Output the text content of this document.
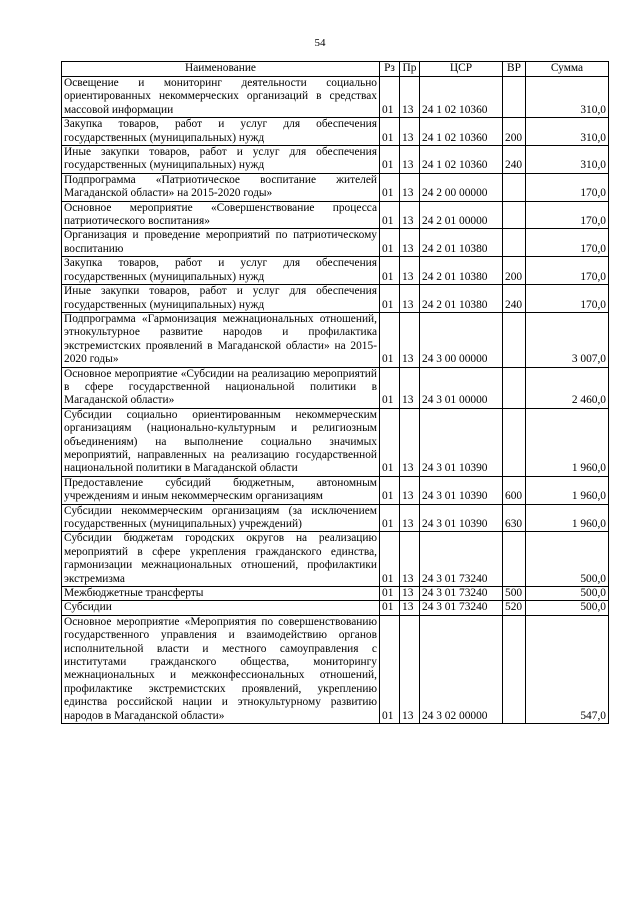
54
Наименование	Рз	Пр	ЦСР	ВР	Сумма
Освещение и мониторинг деятельности социально ориентированных некоммерческих организаций в средствах массовой информации	01	13	24 1 02 10360		310,0
Закупка товаров, работ и услуг для обеспечения государственных (муниципальных) нужд	01	13	24 1 02 10360	200	310,0
Иные закупки товаров, работ и услуг для обеспечения государственных (муниципальных) нужд	01	13	24 1 02 10360	240	310,0
Подпрограмма «Патриотическое воспитание жителей Магаданской области» на 2015-2020 годы»	01	13	24 2 00 00000		170,0
Основное мероприятие «Совершенствование процесса патриотического воспитания»	01	13	24 2 01 00000		170,0
Организация и проведение мероприятий по патриотическому воспитанию	01	13	24 2 01 10380		170,0
Закупка товаров, работ и услуг для обеспечения государственных (муниципальных) нужд	01	13	24 2 01 10380	200	170,0
Иные закупки товаров, работ и услуг для обеспечения государственных (муниципальных) нужд	01	13	24 2 01 10380	240	170,0
Подпрограмма «Гармонизация межнациональных отношений, этнокультурное развитие народов и профилактика экстремистских проявлений в Магаданской области» на 2015-2020 годы»	01	13	24 3 00 00000		3 007,0
Основное мероприятие «Субсидии на реализацию мероприятий в сфере государственной национальной политики в Магаданской области»	01	13	24 3 01 00000		2 460,0
Субсидии социально ориентированным некоммерческим организациям (национально-культурным и религиозным объединениям) на выполнение социально значимых мероприятий, направленных на реализацию государственной национальной политики в Магаданской области	01	13	24 3 01 10390		1 960,0
Предоставление субсидий бюджетным, автономным учреждениям и иным некоммерческим организациям	01	13	24 3 01 10390	600	1 960,0
Субсидии некоммерческим организациям (за исключением государственных (муниципальных) учреждений)	01	13	24 3 01 10390	630	1 960,0
Субсидии бюджетам городских округов на реализацию мероприятий в сфере укрепления гражданского единства, гармонизации межнациональных отношений, профилактики экстремизма	01	13	24 3 01 73240		500,0
Межбюджетные трансферты	01	13	24 3 01 73240	500	500,0
Субсидии	01	13	24 3 01 73240	520	500,0
Основное мероприятие «Мероприятия по совершенствованию государственного управления и взаимодействию органов исполнительной власти и местного самоуправления с институтами гражданского общества, мониторингу межнациональных и межконфессиональных отношений, профилактике экстремистских проявлений, укреплению единства российской нации и этнокультурному развитию народов в Магаданской области»	01	13	24 3 02 00000		547,0
